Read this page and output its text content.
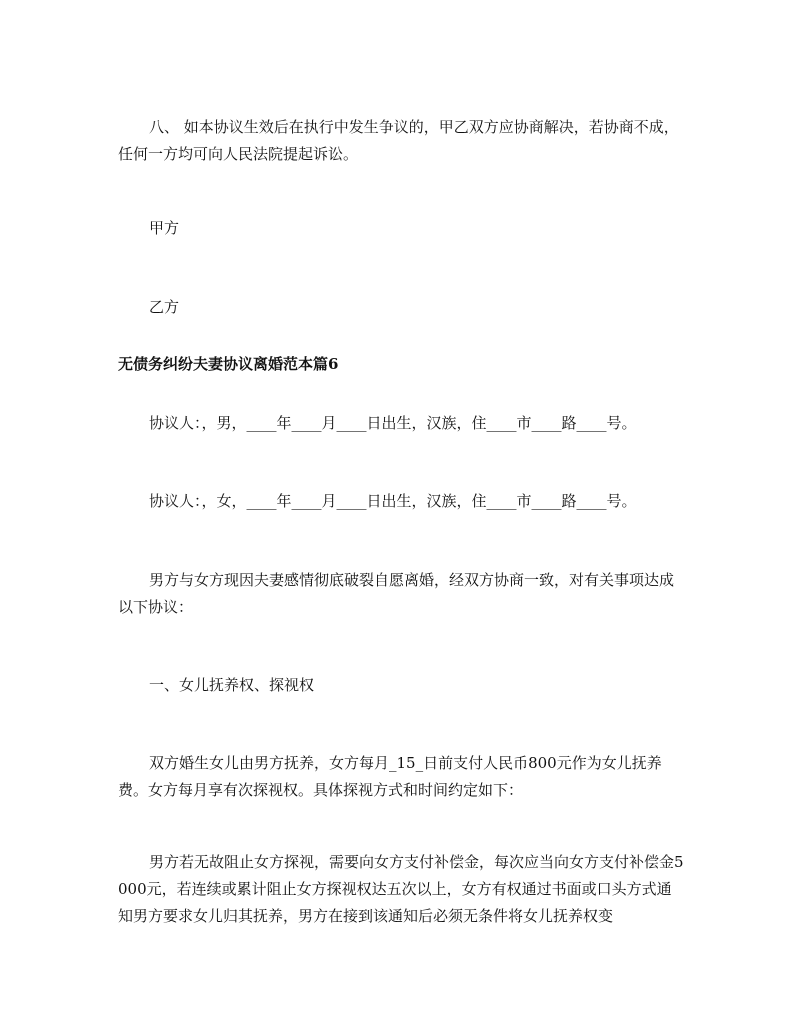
八、 如本协议生效后在执行中发生争议的，甲乙双方应协商解决，若协商不成，任何一方均可向人民法院提起诉讼。

甲方

乙方

无债务纠纷夫妻协议离婚范本篇6

协议人：，男，____年____月____日出生，汉族，住____市____路____号。

协议人：，女，____年____月____日出生，汉族，住____市____路____号。

男方与女方现因夫妻感情彻底破裂自愿离婚，经双方协商一致，对有关事项达成以下协议：

一、女儿抚养权、探视权

双方婚生女儿由男方抚养，女方每月_15_日前支付人民币800元作为女儿抚养费。女方每月享有次探视权。具体探视方式和时间约定如下：

男方若无故阻止女方探视，需要向女方支付补偿金，每次应当向女方支付补偿金5000元，若连续或累计阻止女方探视权达五次以上，女方有权通过书面或口头方式通知男方要求女儿归其抚养，男方在接到该通知后必须无条件将女儿抚养权变
